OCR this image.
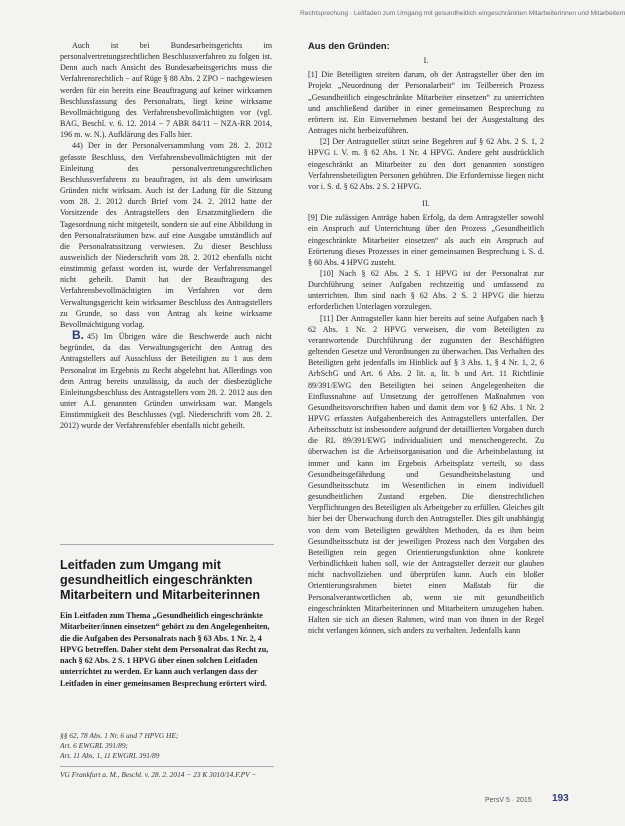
Rechtsprechung · Leitfaden zum Umgang mit gesundheitlich eingeschränkten Mitarbeiterinnen und Mitarbeitern

Auch ist bei Bundesarbeitsgerichts im personalvertretungsrechtlichen Beschlussverfahren zu folgen ist. Denn auch nach Ansicht des Bundesarbeitsgerichts muss die Verfahrensrechtlich − auf Rüge § 88 Abs. 2 ZPO − nachgewiesen werden für ein bereits eine Beauftragung auf keiner wirksamen Beschlussfassung des Personalrats, liegt keine wirksame Bevollmächtigung des Verfahrensbevollmächtigten vor (vgl. BAG, Beschl. v. 6. 12. 2014 − 7 ABR 84/11 − NZA-RR 2014, 196 m. w. N.). Aufklärung des Falls hier.

44) Der in der Personalversammlung vom 28. 2. 2012 gefasste Beschluss, den Verfahrensbevollmächtigten mit der Einleitung des personalvertretungsrechtlichen Beschlussverfahrens zu beauftragen, ist als dem unwirksam Gründen nicht wirksam. Auch ist der Ladung für die Sitzung vom 28. 2. 2012 durch Brief vom 24. 2. 2012 hatte der Vorsitzende des Antragstellers den Ersatzmitgliedern die Tagesordnung nicht mitgeteilt, sondern sie auf eine Abbildung in den Personalratsräumen bzw. auf eine Ausgabe umständlich auf die Personalratssitzung verwiesen. Zu dieser Beschluss ausweislich der Niederschrift vom 28. 2. 2012 ebenfalls nicht einstimmig gefasst worden ist, wurde der Verfahrensmangel nicht geheilt. Damit hat der Beauftragung des Verfahrensbevollmächtigten im Verfahren vor dem Verwaltungsgericht kein wirksamer Beschluss des Antragstellers zu Grunde, so dass von Antrag als keine wirksame Bevollmächtigung vorlag.

B. 45) Im Übrigen wäre die Beschwerde auch nicht begründet, da das Verwaltungsgericht den Antrag des Antragstellers auf Ausschluss der Beteiligten zu 1 aus dem Personalrat im Ergebnis zu Recht abgelehnt hat. Allerdings von dem Antrag bereits unzulässig, da auch der diesbezügliche Einleitungsbeschluss des Antragstellers vom 28. 2. 2012 aus den unter A.I. genannten Gründen unwirksam war. Mangels Einstimmigkeit des Beschlusses (vgl. Niederschrift vom 28. 2. 2012) wurde der Verfahrensfehler ebenfalls nicht geheilt.

Leitfaden zum Umgang mit gesundheitlich eingeschränkten Mitarbeitern und Mitarbeiterinnen
Ein Leitfaden zum Thema „Gesundheitlich eingeschränkte Mitarbeiter/innen einsetzen“ gehört zu den Angelegenheiten, die die Aufgaben des Personalrats nach § 63 Abs. 1 Nr. 2, 4 HPVG betreffen. Daher steht dem Personalrat das Recht zu, nach § 62 Abs. 2 S. 1 HPVG über einen solchen Leitfaden unterrichtet zu werden. Er kann auch verlangen dass der Leitfaden in einer gemeinsamen Besprechung erörtert wird.
§§ 62, 78 Abs. 1 Nr. 6 und 7 HPVG HE;
Art. 6 EWGRL 391/89;
Art. 11 Abs. 1, 11 EWGRL 391/89
VG Frankfurt a. M., Beschl. v. 28. 2. 2014 − 23 K 3010/14.F.PV −
Aus den Gründen:
I.

[1] Die Beteiligten streiten darum, ob der Antragsteller über den im Projekt „Neuordnung der Personalarbeit“ im Teilbereich Prozess „Gesundheitlich eingeschränkte Mitarbeiter einsetzen“ zu unterrichten und anschließend darüber in einer gemeinsamen Besprechung zu erörtern ist. Ein Einvernehmen bestand bei der Ausgestaltung des Antrages nicht herbeizuführen.

[2] Der Antragsteller stützt seine Begehren auf § 62 Abs. 2 S. 1, 2 HPVG i. V. m. § 62 Abs. 1 Nr. 4 HPVG. Andere geht ausdrücklich eingeschränkt an Mitarbeiter zu den dort genannten sonstigen Verfahrensbeteiligten Personen gebühren. Die Erfordernisse liegen nicht vor i. S. d. § 62 Abs. 2 S. 2 HPVG.

II.

[9] Die zulässigen Anträge haben Erfolg, da dem Antragsteller sowohl ein Anspruch auf Unterrichtung über den Prozess „Gesundheitlich eingeschränkte Mitarbeiter einsetzen“ als auch ein Anspruch auf Erörterung dieses Prozesses in einer gemeinsamen Besprechung i. S. d. § 60 Abs. 4 HPVG zusteht.

[10] Nach § 62 Abs. 2 S. 1 HPVG ist der Personalrat zur Durchführung seiner Aufgaben rechtzeitig und umfassend zu unterrichten. Ihm sind nach § 62 Abs. 2 S. 2 HPVG die hierzu erforderlichen Unterlagen vorzulegen.

[11] Der Antragsteller kann hier bereits auf seine Aufgaben nach § 62 Abs. 1 Nr. 2 HPVG verweisen, die vom Beteiligten zu verantwortende Durchführung der zugunsten der Beschäftigten geltenden Gesetze und Verordnungen zu überwachen. Das Verhalten des Beteiligten geht jedenfalls im Hinblick auf § 3 Abs. 1, § 4 Nr. 1, 2, 6 ArbSchG und Art. 6 Abs. 2 lit. a, lit. b und Art. 11 Richtlinie 89/391/EWG den Beteiligten bei seinen Angelegenheiten die Einflussnahme auf Umsetzung der getroffenen Maßnahmen von Gesundheitsvorschriften haben und damit dem vor § 62 Abs. 1 Nr. 2 HPVG erfassten Aufgabenbereich des Antragstellers unterfallen. Der Arbeitsschutz ist insbesondere aufgrund der detaillierten Vorgaben durch die RL 89/391/EWG individualisiert und menschengerecht. Zu überwachen ist die Arbeitsorganisation und die Arbeitsbelastung ist immer und kann im Ergebnis Arbeitsplatz verteilt, so dass Gesundheitsgefährdung und Gesundheitsbelastung und Gesundheitsschutz im Wesentlichen in einem individuell gesundheitlichen Zustand ergeben. Die dienstrechtlichen Verpflichtungen des Beteiligten als Arbeitgeber zu erfüllen. Gleiches gilt hier bei der Überwachung durch den Antragsteller. Dies gilt unabhängig von dem vom Beteiligten gewählten Methoden, da es ihm beim Gesundheitsschutz ist der jeweiligen Prozess nach den Vorgaben des Beteiligten rein gegen Orientierungsfunktion ohne konkrete Verbindlichkeit haben soll, wie der Antragsteller derzeit nur glauben nicht nachvollziehen und überprüfen kann. Auch ein bloßer Orientierungsrahmen bietet einen Maßstab für die Personalverantwortlichen ab, wenn sie mit gesundheitlich eingeschränkten Mitarbeiterinnen und Mitarbeitern umzugehen haben. Halten sie sich an diesen Rahmen, wird man von ihnen in der Regel nicht verlangen können, sich anders zu verhalten. Jedenfalls kann

PersV 5 · 2015 193
